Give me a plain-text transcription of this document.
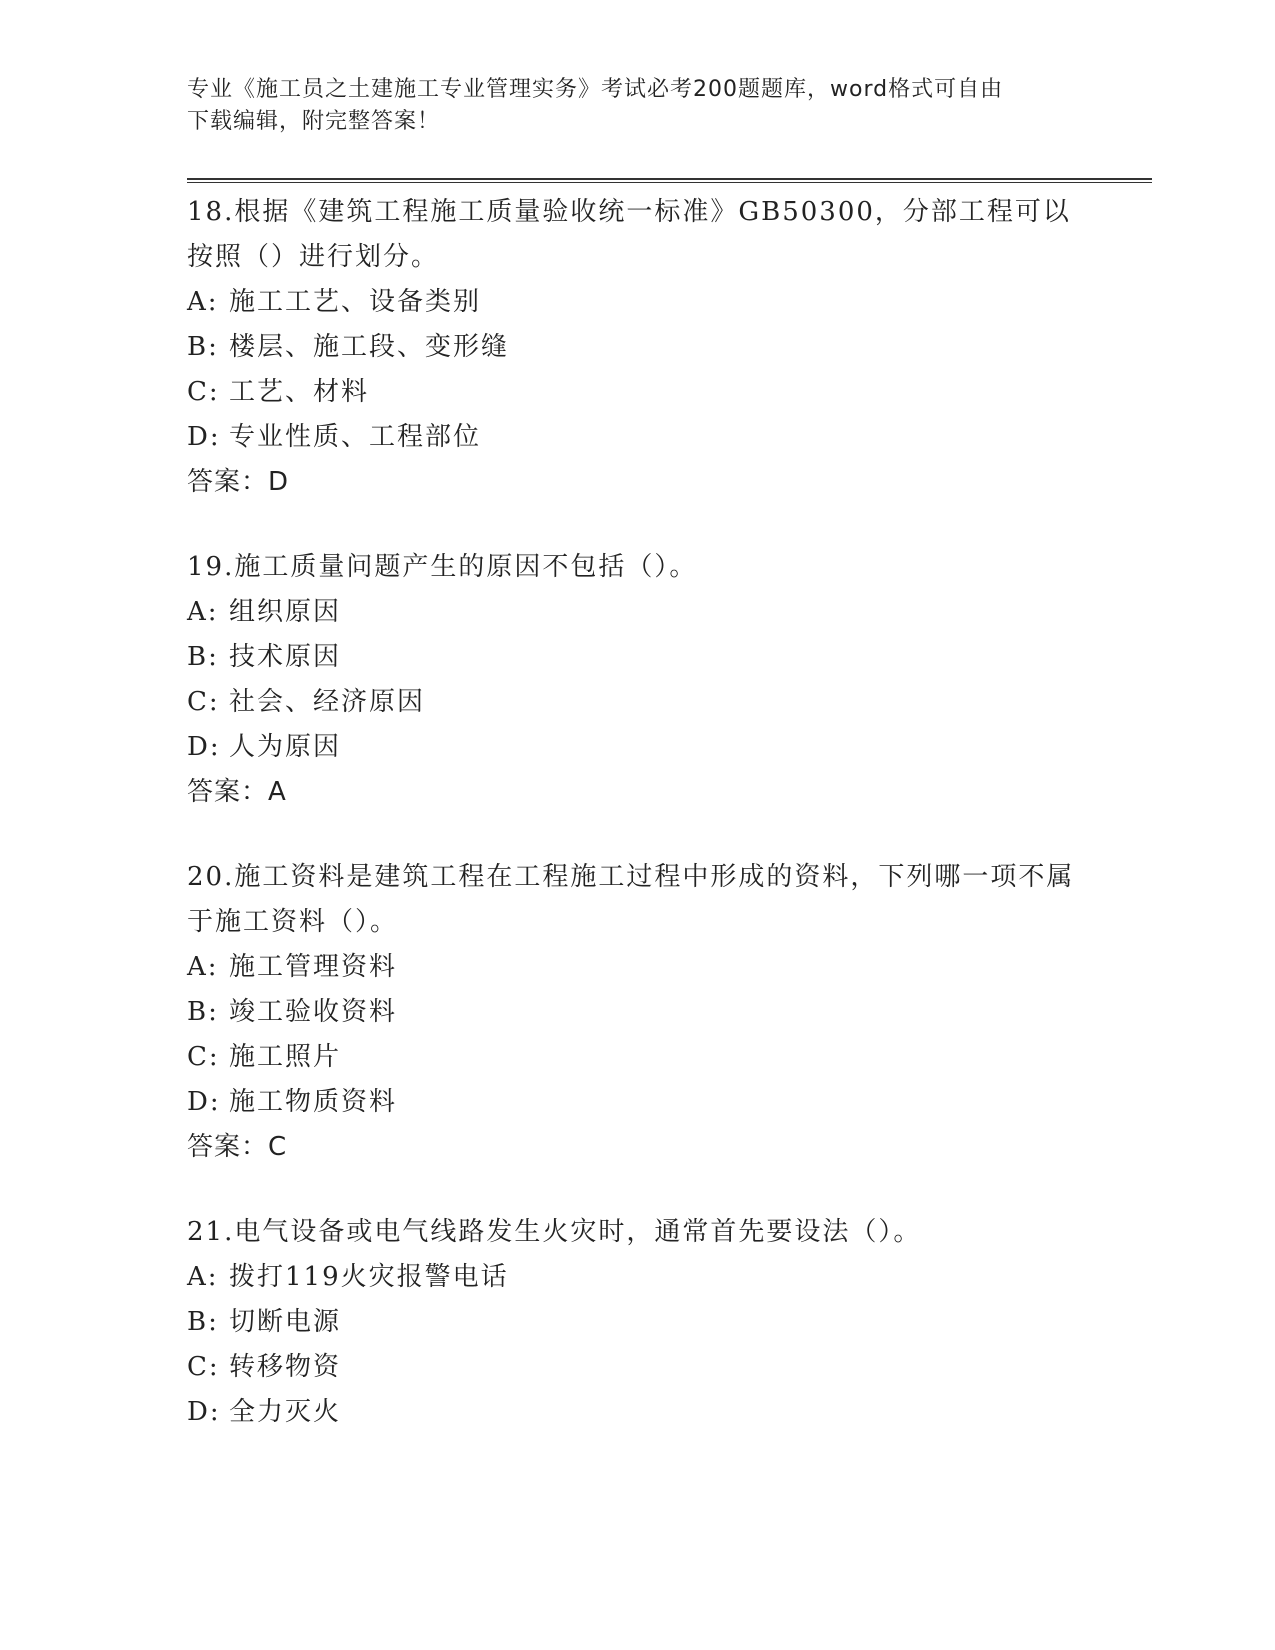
专业《施工员之土建施工专业管理实务》考试必考200题题库，word格式可自由
下载编辑，附完整答案！

18.根据《建筑工程施工质量验收统一标准》GB50300，分部工程可以按照（）进行划分。

A: 施工工艺、设备类别

B: 楼层、施工段、变形缝

C: 工艺、材料

D: 专业性质、工程部位

答案：D

19.施工质量问题产生的原因不包括（）。

A: 组织原因

B: 技术原因

C: 社会、经济原因

D: 人为原因

答案：A

20.施工资料是建筑工程在工程施工过程中形成的资料，下列哪一项不属于施工资料（）。

A: 施工管理资料

B: 竣工验收资料

C: 施工照片

D: 施工物质资料

答案：C

21.电气设备或电气线路发生火灾时，通常首先要设法（）。

A: 拨打119火灾报警电话

B: 切断电源

C: 转移物资

D: 全力灭火
